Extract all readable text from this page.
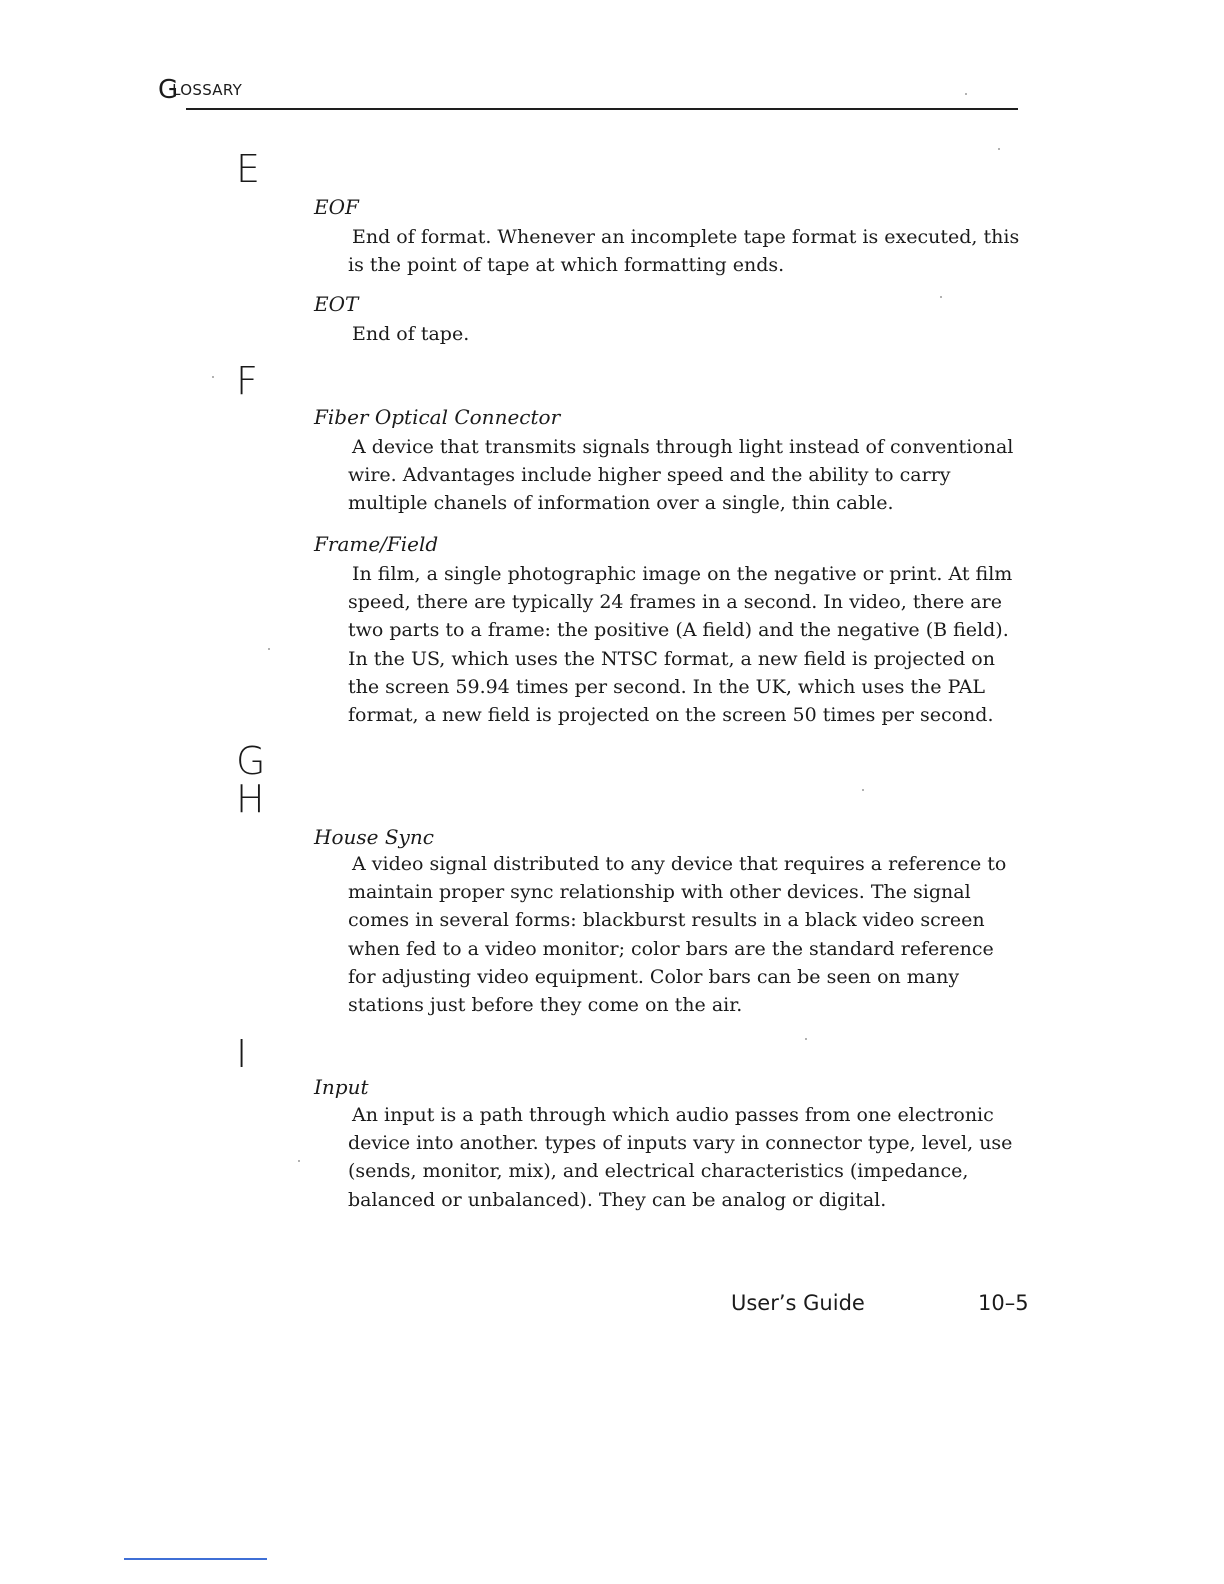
GLOSSARY
E
EOF
End of format. Whenever an incomplete tape format is executed, this is the point of tape at which formatting ends.
EOT
End of tape.
F
Fiber Optical Connector
A device that transmits signals through light instead of conventional wire. Advantages include higher speed and the ability to carry multiple chanels of information over a single, thin cable.
Frame/Field
In film, a single photographic image on the negative or print. At film speed, there are typically 24 frames in a second. In video, there are two parts to a frame: the positive (A field) and the negative (B field). In the US, which uses the NTSC format, a new field is projected on the screen 59.94 times per second. In the UK, which uses the PAL format, a new field is projected on the screen 50 times per second.
G
H
House Sync
A video signal distributed to any device that requires a reference to maintain proper sync relationship with other devices. The signal comes in several forms: blackburst results in a black video screen when fed to a video monitor; color bars are the standard reference for adjusting video equipment. Color bars can be seen on many stations just before they come on the air.
I
Input
An input is a path through which audio passes from one electronic device into another. types of inputs vary in connector type, level, use (sends, monitor, mix), and electrical characteristics (impedance, balanced or unbalanced). They can be analog or digital.
User’s Guide	10–5
